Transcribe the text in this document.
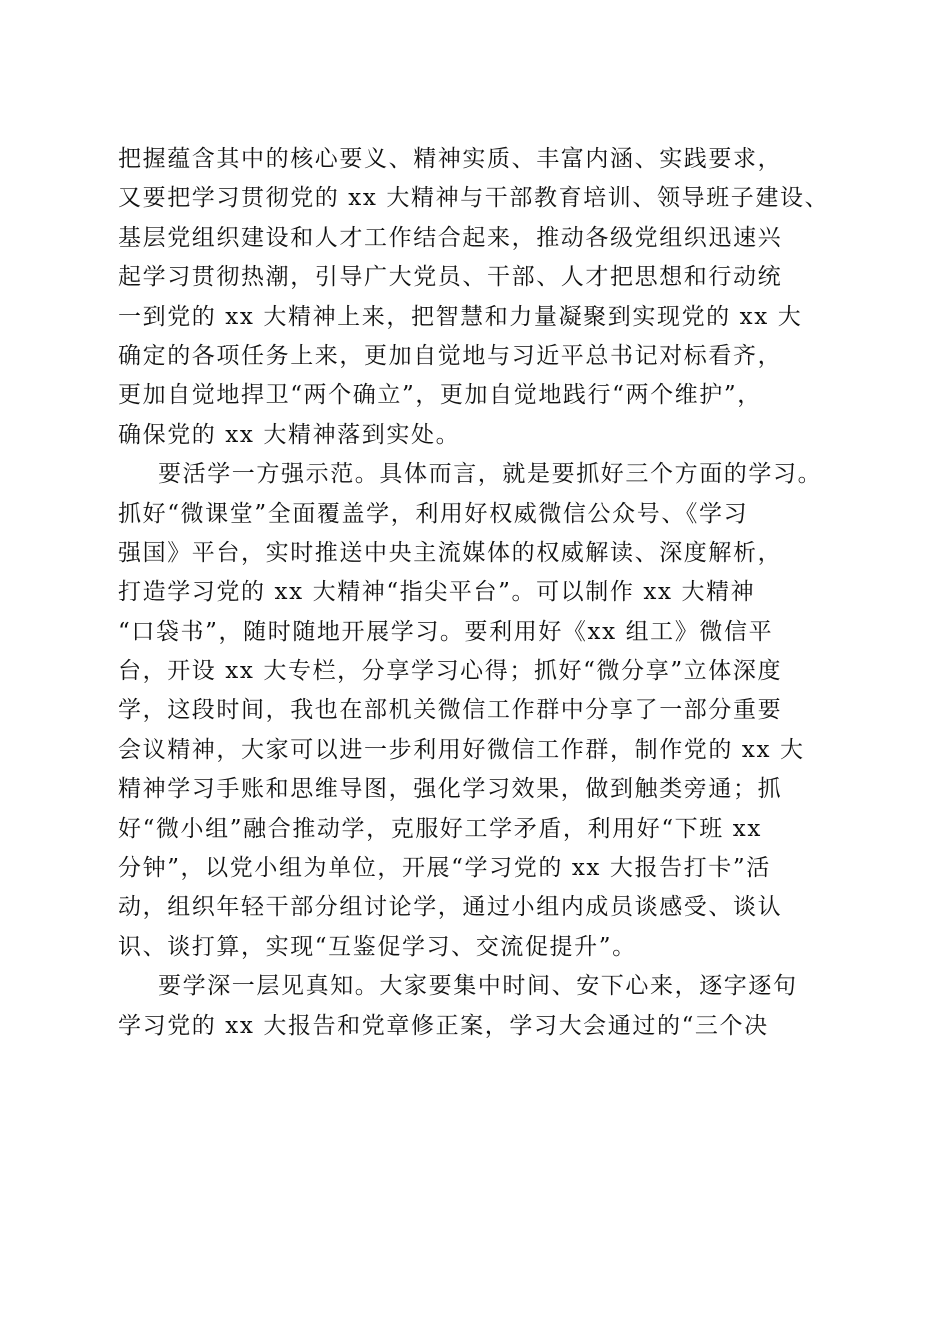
把握蕴含其中的核心要义、精神实质、丰富内涵、实践要求，
又要把学习贯彻党的 xx 大精神与干部教育培训、领导班子建设、
基层党组织建设和人才工作结合起来，推动各级党组织迅速兴
起学习贯彻热潮，引导广大党员、干部、人才把思想和行动统
一到党的 xx 大精神上来，把智慧和力量凝聚到实现党的 xx 大
确定的各项任务上来，更加自觉地与习近平总书记对标看齐，
更加自觉地捍卫“两个确立”，更加自觉地践行“两个维护”，
确保党的 xx 大精神落到实处。
要活学一方强示范。具体而言，就是要抓好三个方面的学习。
抓好“微课堂”全面覆盖学，利用好权威微信公众号、《学习
强国》平台，实时推送中央主流媒体的权威解读、深度解析，
打造学习党的 xx 大精神“指尖平台”。可以制作 xx 大精神
“口袋书”，随时随地开展学习。要利用好《xx 组工》微信平
台，开设 xx 大专栏，分享学习心得；抓好“微分享”立体深度
学，这段时间，我也在部机关微信工作群中分享了一部分重要
会议精神，大家可以进一步利用好微信工作群，制作党的 xx 大
精神学习手账和思维导图，强化学习效果，做到触类旁通；抓
好“微小组”融合推动学，克服好工学矛盾，利用好“下班 xx
分钟”，以党小组为单位，开展“学习党的 xx 大报告打卡”活
动，组织年轻干部分组讨论学，通过小组内成员谈感受、谈认
识、谈打算，实现“互鉴促学习、交流促提升”。
要学深一层见真知。大家要集中时间、安下心来，逐字逐句
学习党的 xx 大报告和党章修正案，学习大会通过的“三个决
